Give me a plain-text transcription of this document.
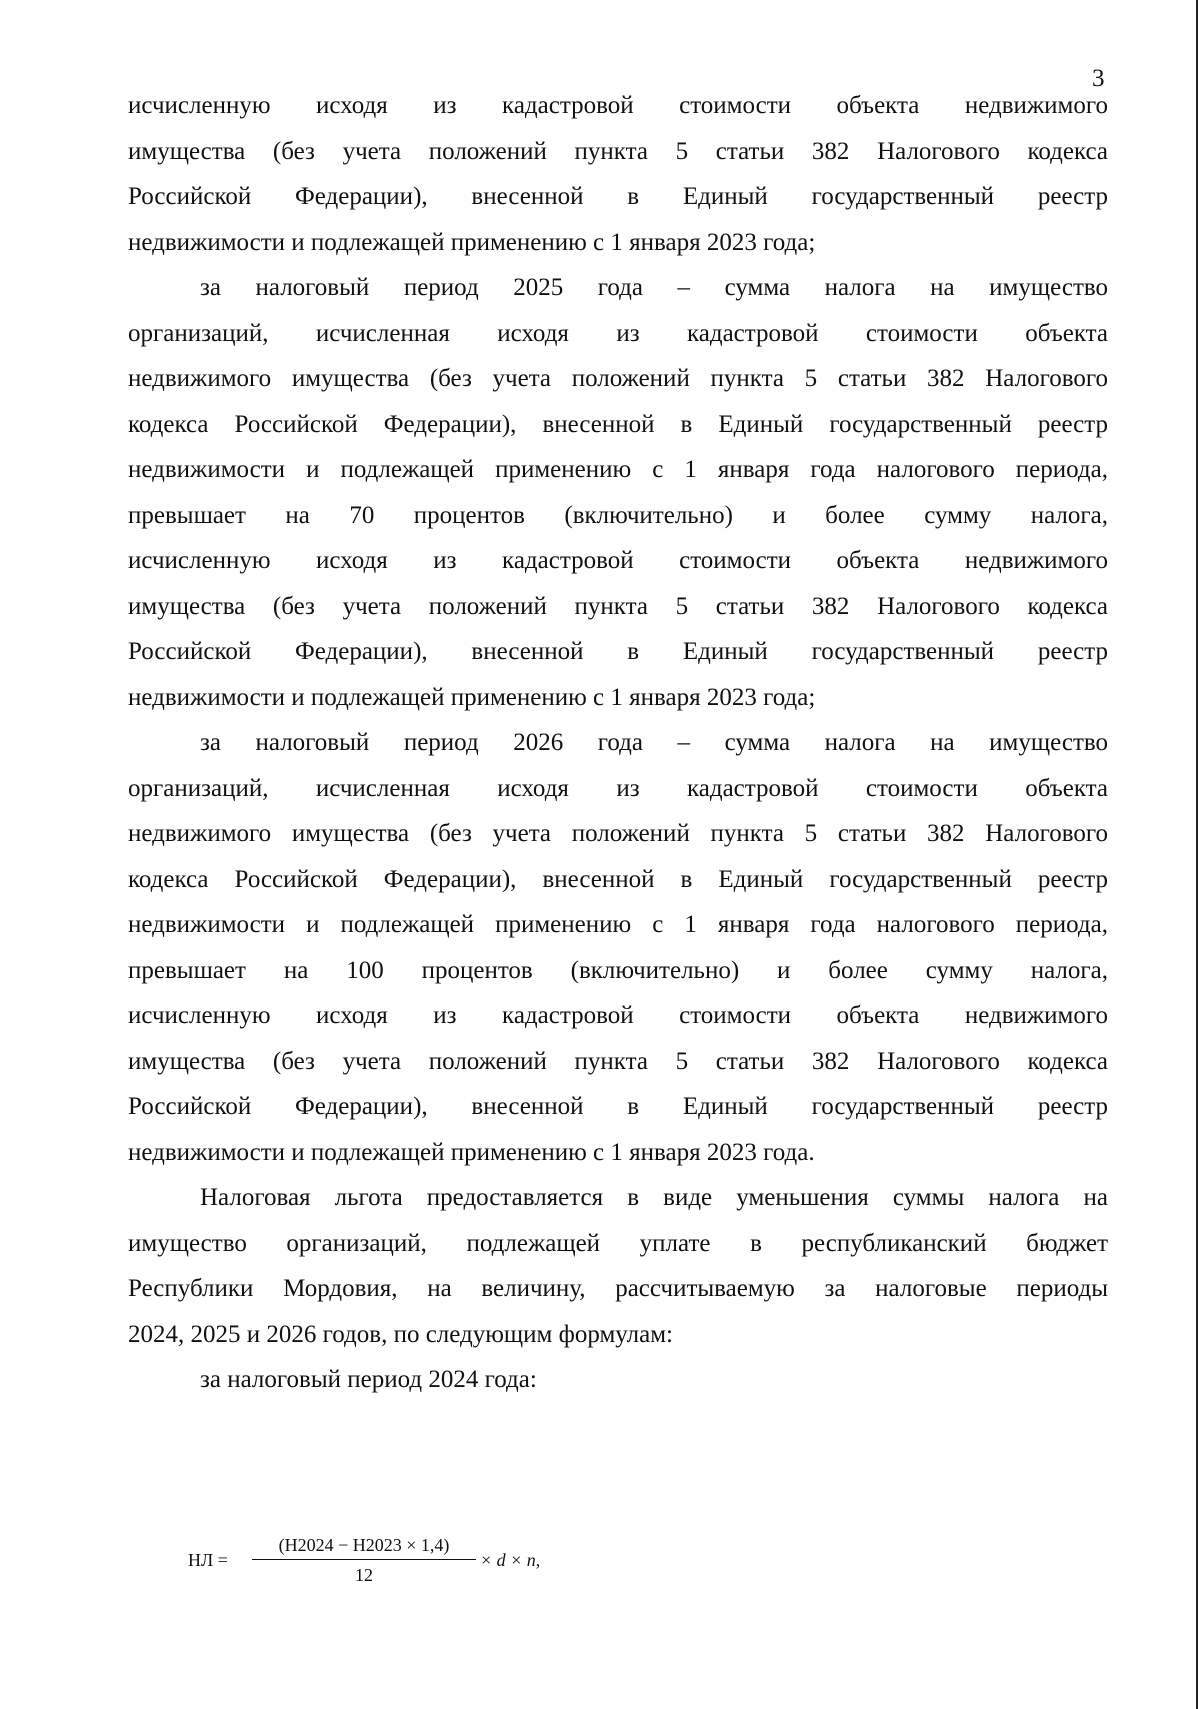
3
исчисленную исходя из кадастровой стоимости объекта недвижимого
имущества (без учета положений пункта 5 статьи 382 Налогового кодекса
Российской Федерации), внесенной в Единый государственный реестр
недвижимости и подлежащей применению с 1 января 2023 года;
за налоговый период 2025 года – сумма налога на имущество
организаций, исчисленная исходя из кадастровой стоимости объекта
недвижимого имущества (без учета положений пункта 5 статьи 382 Налогового
кодекса Российской Федерации), внесенной в Единый государственный реестр
недвижимости и подлежащей применению с 1 января года налогового периода,
превышает на 70 процентов (включительно) и более сумму налога,
исчисленную исходя из кадастровой стоимости объекта недвижимого
имущества (без учета положений пункта 5 статьи 382 Налогового кодекса
Российской Федерации), внесенной в Единый государственный реестр
недвижимости и подлежащей применению с 1 января 2023 года;
за налоговый период 2026 года – сумма налога на имущество
организаций, исчисленная исходя из кадастровой стоимости объекта
недвижимого имущества (без учета положений пункта 5 статьи 382 Налогового
кодекса Российской Федерации), внесенной в Единый государственный реестр
недвижимости и подлежащей применению с 1 января года налогового периода,
превышает на 100 процентов (включительно) и более сумму налога,
исчисленную исходя из кадастровой стоимости объекта недвижимого
имущества (без учета положений пункта 5 статьи 382 Налогового кодекса
Российской Федерации), внесенной в Единый государственный реестр
недвижимости и подлежащей применению с 1 января 2023 года.
Налоговая льгота предоставляется в виде уменьшения суммы налога на
имущество организаций, подлежащей уплате в республиканский бюджет
Республики Мордовия, на величину, рассчитываемую за налоговые периоды
2024, 2025 и 2026 годов, по следующим формулам:
за налоговый период 2024 года:
НЛ =
(Н2024 − Н2023 × 1,4)
12
× d × n,
